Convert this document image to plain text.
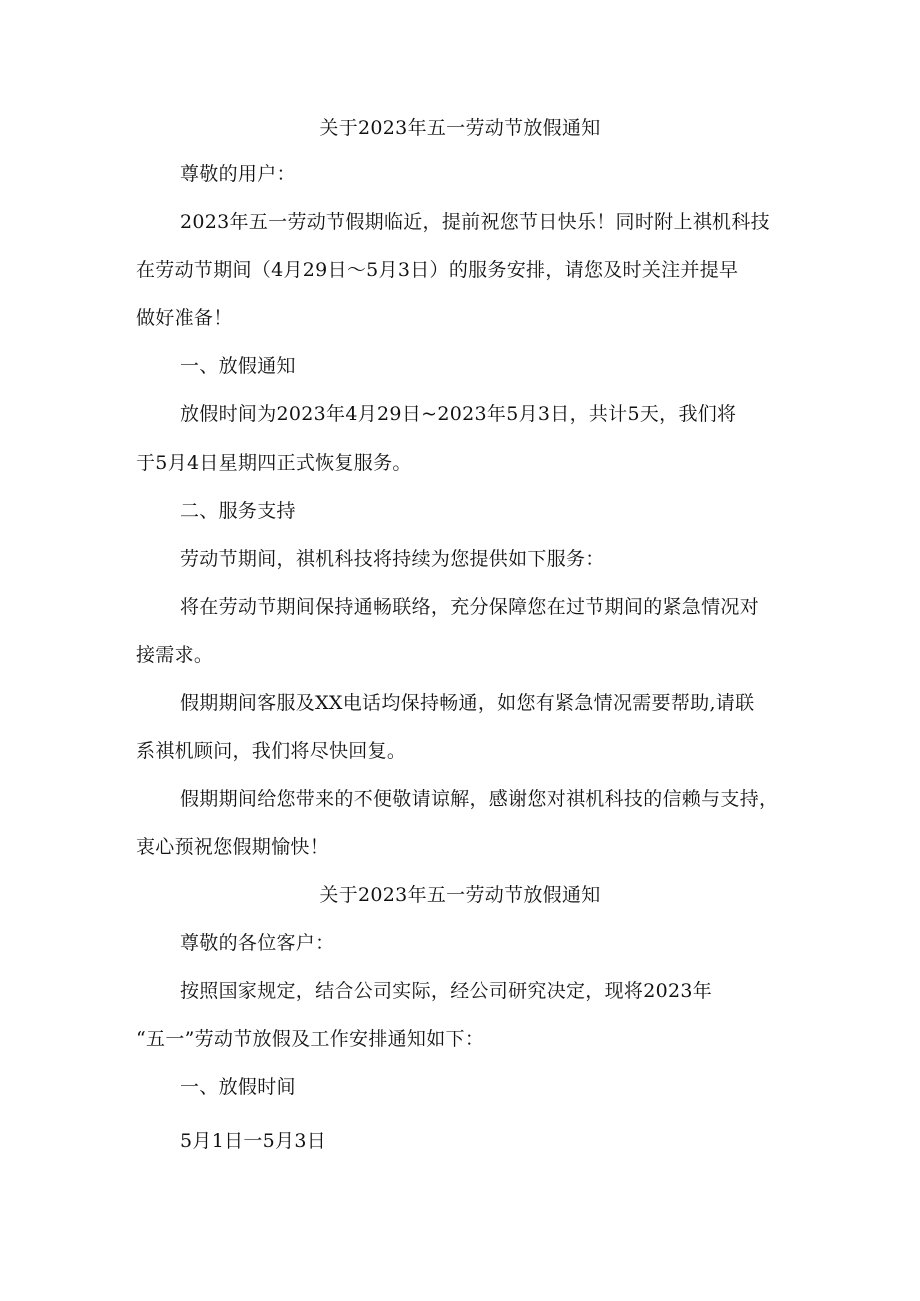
关于2023年五一劳动节放假通知
尊敬的用户：
2023年五一劳动节假期临近，提前祝您节日快乐！同时附上祺机科技
在劳动节期间（4月29日～5月3日）的服务安排，请您及时关注并提早
做好准备！
一、放假通知
放假时间为2023年4月29日~2023年5月3日，共计5天，我们将
于5月4日星期四正式恢复服务。
二、服务支持
劳动节期间，祺机科技将持续为您提供如下服务：
将在劳动节期间保持通畅联络，充分保障您在过节期间的紧急情况对
接需求。
假期期间客服及XX电话均保持畅通，如您有紧急情况需要帮助,请联
系祺机顾问，我们将尽快回复。
假期期间给您带来的不便敬请谅解，感谢您对祺机科技的信赖与支持，
衷心预祝您假期愉快！
关于2023年五一劳动节放假通知
尊敬的各位客户：
按照国家规定，结合公司实际，经公司研究决定，现将2023年
“五一”劳动节放假及工作安排通知如下：
一、放假时间
5月1日一5月3日
